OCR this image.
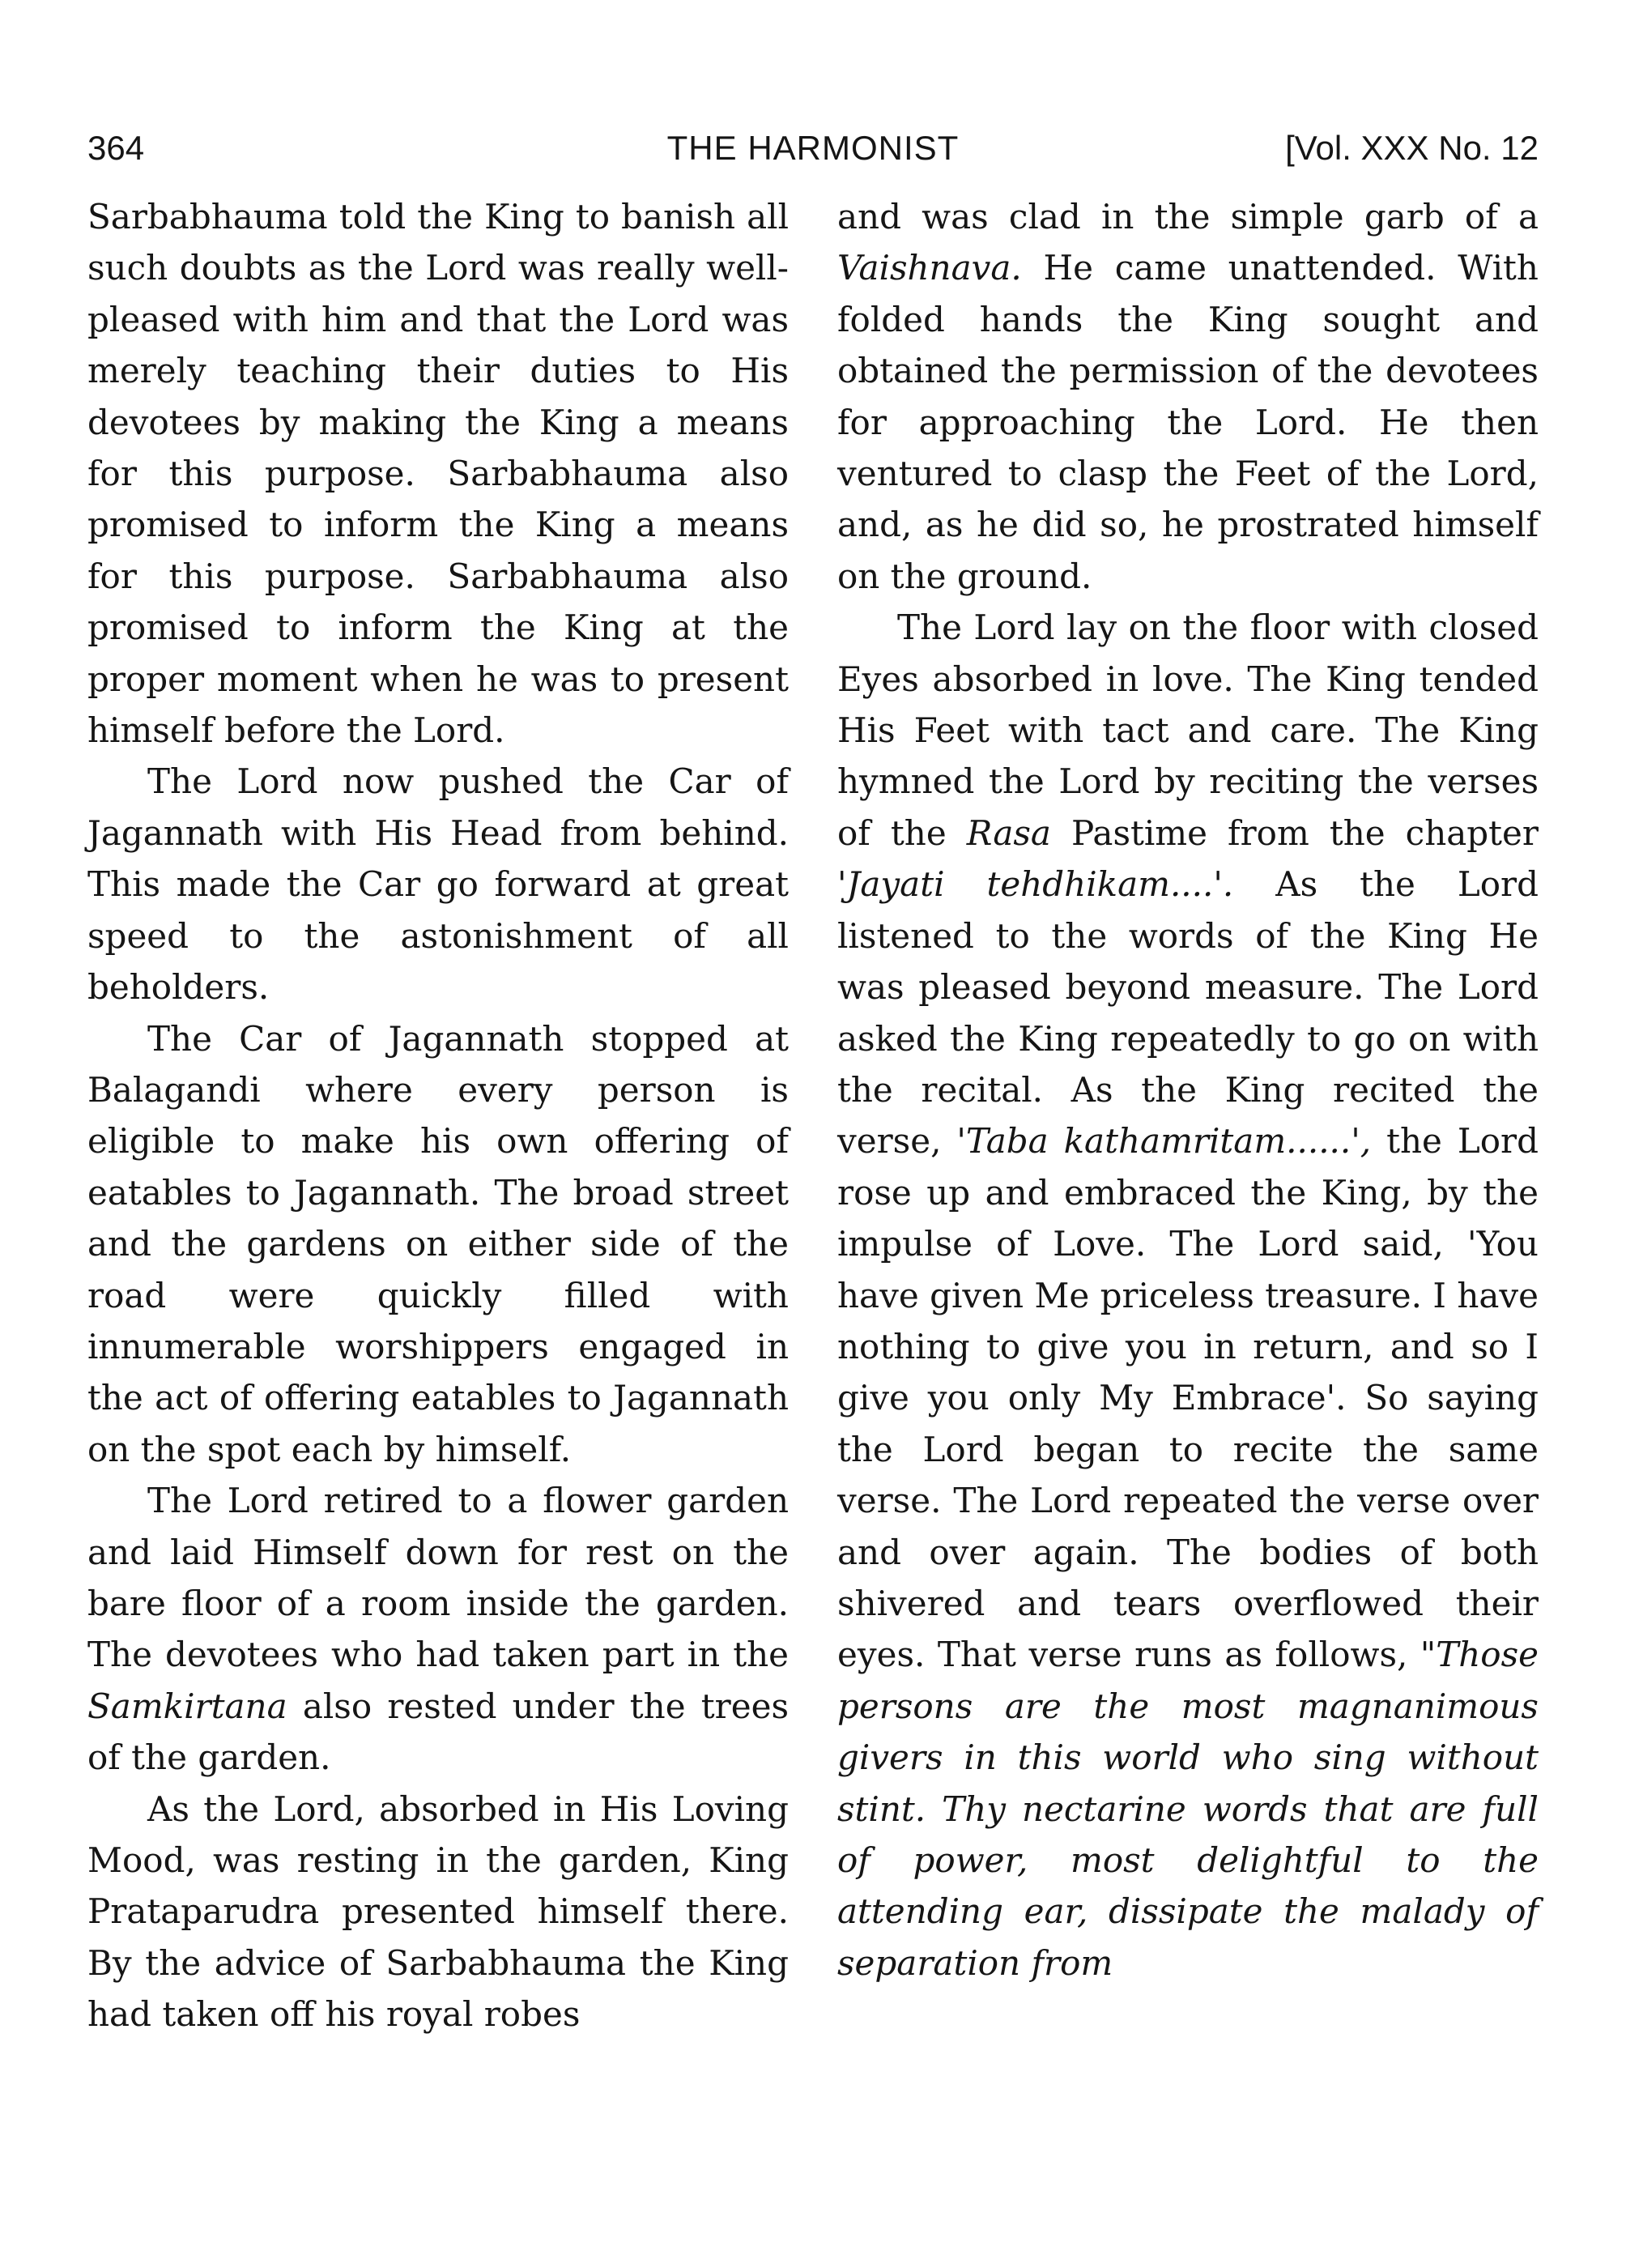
THE HARMONIST
364	[Vol. XXX No. 12

Sarbabhauma told the King to banish all such doubts as the Lord was really well-pleased with him and that the Lord was merely teaching their duties to His devotees by making the King a means for this purpose. Sarbabhauma also promised to inform the King a means for this purpose. Sarbabhauma also promised to inform the King at the proper moment when he was to present himself before the Lord.

The Lord now pushed the Car of Jagannath with His Head from behind. This made the Car go forward at great speed to the astonishment of all beholders.

The Car of Jagannath stopped at Balagandi where every person is eligible to make his own offering of eatables to Jagannath. The broad street and the gardens on either side of the road were quickly filled with innumerable worshippers engaged in the act of offering eatables to Jagannath on the spot each by himself.

The Lord retired to a flower garden and laid Himself down for rest on the bare floor of a room inside the garden. The devotees who had taken part in the Samkirtana also rested under the trees of the garden.

As the Lord, absorbed in His Loving Mood, was resting in the garden, King Prataparudra presented himself there. By the advice of Sarbabhauma the King had taken off his royal robes

and was clad in the simple garb of a Vaishnava. He came unattended. With folded hands the King sought and obtained the permission of the devotees for approaching the Lord. He then ventured to clasp the Feet of the Lord, and, as he did so, he prostrated himself on the ground.

The Lord lay on the floor with closed Eyes absorbed in love. The King tended His Feet with tact and care. The King hymned the Lord by reciting the verses of the Rasa Pastime from the chapter 'Jayati tehdhikam....'. As the Lord listened to the words of the King He was pleased beyond measure. The Lord asked the King repeatedly to go on with the recital. As the King recited the verse, 'Taba kathamritam......', the Lord rose up and embraced the King, by the impulse of Love. The Lord said, 'You have given Me priceless treasure. I have nothing to give you in return, and so I give you only My Embrace'. So saying the Lord began to recite the same verse. The Lord repeated the verse over and over again. The bodies of both shivered and tears overflowed their eyes. That verse runs as follows, "Those persons are the most magnanimous givers in this world who sing without stint. Thy nectarine words that are full of power, most delightful to the attending ear, dissipate the malady of separation from
